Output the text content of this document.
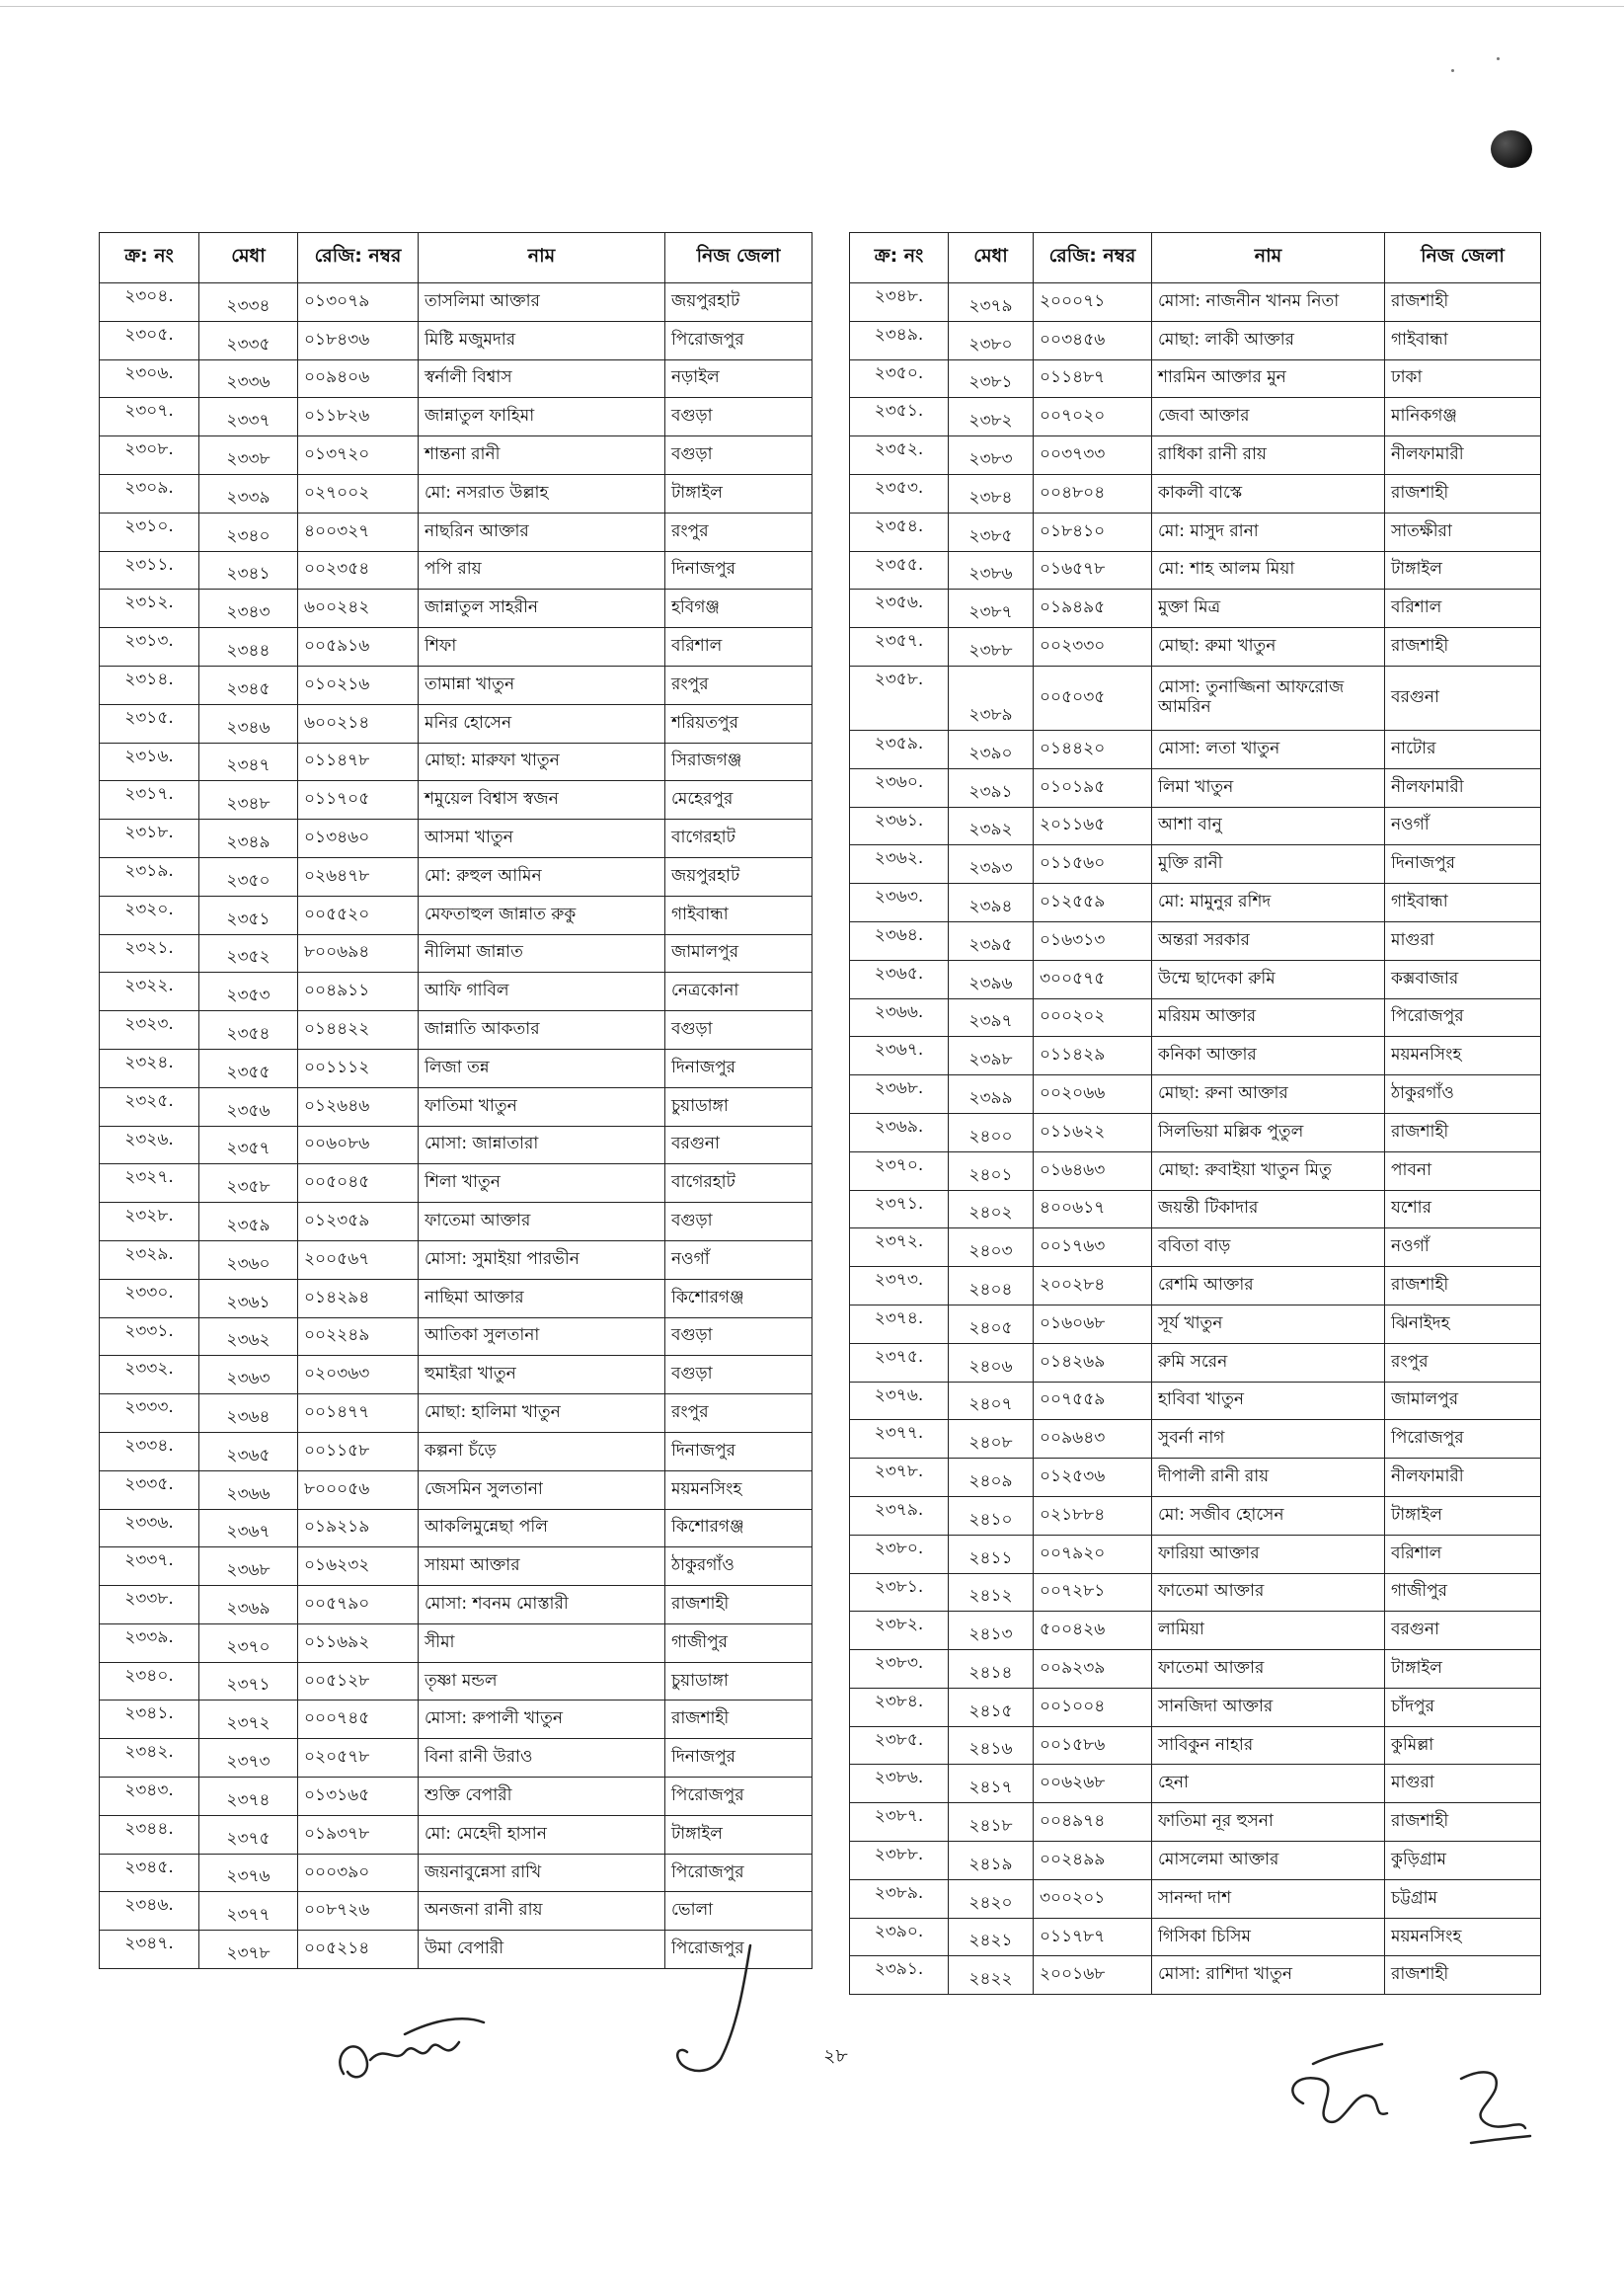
ক্র: নং	মেধা	রেজি: নম্বর	নাম	নিজ জেলা
২৩০৪.	২৩৩৪	০১৩০৭৯	তাসলিমা আক্তার	জয়পুরহাট
২৩০৫.	২৩৩৫	০১৮৪৩৬	মিষ্টি মজুমদার	পিরোজপুর
২৩০৬.	২৩৩৬	০০৯৪০৬	স্বর্নালী বিশ্বাস	নড়াইল
২৩০৭.	২৩৩৭	০১১৮২৬	জান্নাতুল ফাহিমা	বগুড়া
২৩০৮.	২৩৩৮	০১৩৭২০	শান্তনা রানী	বগুড়া
২৩০৯.	২৩৩৯	০২৭০০২	মো: নসরাত উল্লাহ	টাঙ্গাইল
২৩১০.	২৩৪০	৪০০৩২৭	নাছরিন আক্তার	রংপুর
২৩১১.	২৩৪১	০০২৩৫৪	পপি রায়	দিনাজপুর
২৩১২.	২৩৪৩	৬০০২৪২	জান্নাতুল সাহরীন	হবিগঞ্জ
২৩১৩.	২৩৪৪	০০৫৯১৬	শিফা	বরিশাল
২৩১৪.	২৩৪৫	০১০২১৬	তামান্না খাতুন	রংপুর
২৩১৫.	২৩৪৬	৬০০২১৪	মনির হোসেন	শরিয়তপুর
২৩১৬.	২৩৪৭	০১১৪৭৮	মোছা: মারুফা খাতুন	সিরাজগঞ্জ
২৩১৭.	২৩৪৮	০১১৭০৫	শমুয়েল বিশ্বাস স্বজন	মেহেরপুর
২৩১৮.	২৩৪৯	০১৩৪৬০	আসমা খাতুন	বাগেরহাট
২৩১৯.	২৩৫০	০২৬৪৭৮	মো: রুহুল আমিন	জয়পুরহাট
২৩২০.	২৩৫১	০০৫৫২০	মেফতাহুল জান্নাত রুকু	গাইবান্ধা
২৩২১.	২৩৫২	৮০০৬৯৪	নীলিমা জান্নাত	জামালপুর
২৩২২.	২৩৫৩	০০৪৯১১	আফি গাবিল	নেত্রকোনা
২৩২৩.	২৩৫৪	০১৪৪২২	জান্নাতি আকতার	বগুড়া
২৩২৪.	২৩৫৫	০০১১১২	লিজা তন্ন	দিনাজপুর
২৩২৫.	২৩৫৬	০১২৬৪৬	ফাতিমা খাতুন	চুয়াডাঙ্গা
২৩২৬.	২৩৫৭	০০৬০৮৬	মোসা: জান্নাতারা	বরগুনা
২৩২৭.	২৩৫৮	০০৫০৪৫	শিলা খাতুন	বাগেরহাট
২৩২৮.	২৩৫৯	০১২৩৫৯	ফাতেমা আক্তার	বগুড়া
২৩২৯.	২৩৬০	২০০৫৬৭	মোসা: সুমাইয়া পারভীন	নওগাঁ
২৩৩০.	২৩৬১	০১৪২৯৪	নাছিমা আক্তার	কিশোরগঞ্জ
২৩৩১.	২৩৬২	০০২২৪৯	আতিকা সুলতানা	বগুড়া
২৩৩২.	২৩৬৩	০২০৩৬৩	হুমাইরা খাতুন	বগুড়া
২৩৩৩.	২৩৬৪	০০১৪৭৭	মোছা: হালিমা খাতুন	রংপুর
২৩৩৪.	২৩৬৫	০০১১৫৮	কল্পনা চঁড়ে	দিনাজপুর
২৩৩৫.	২৩৬৬	৮০০০৫৬	জেসমিন সুলতানা	ময়মনসিংহ
২৩৩৬.	২৩৬৭	০১৯২১৯	আকলিমুন্নেছা পলি	কিশোরগঞ্জ
২৩৩৭.	২৩৬৮	০১৬২৩২	সায়মা আক্তার	ঠাকুরগাঁও
২৩৩৮.	২৩৬৯	০০৫৭৯০	মোসা: শবনম মোস্তারী	রাজশাহী
২৩৩৯.	২৩৭০	০১১৬৯২	সীমা	গাজীপুর
২৩৪০.	২৩৭১	০০৫১২৮	তৃষ্ণা মন্ডল	চুয়াডাঙ্গা
২৩৪১.	২৩৭২	০০০৭৪৫	মোসা: রুপালী খাতুন	রাজশাহী
২৩৪২.	২৩৭৩	০২০৫৭৮	বিনা রানী উরাও	দিনাজপুর
২৩৪৩.	২৩৭৪	০১৩১৬৫	শুক্তি বেপারী	পিরোজপুর
২৩৪৪.	২৩৭৫	০১৯৩৭৮	মো: মেহেদী হাসান	টাঙ্গাইল
২৩৪৫.	২৩৭৬	০০০৩৯০	জয়নাবুন্নেসা রাখি	পিরোজপুর
২৩৪৬.	২৩৭৭	০০৮৭২৬	অনজনা রানী রায়	ভোলা
২৩৪৭.	২৩৭৮	০০৫২১৪	উমা বেপারী	পিরোজপুর
ক্র: নং	মেধা	রেজি: নম্বর	নাম	নিজ জেলা
২৩৪৮.	২৩৭৯	২০০০৭১	মোসা: নাজনীন খানম নিতা	রাজশাহী
২৩৪৯.	২৩৮০	০০৩৪৫৬	মোছা: লাকী আক্তার	গাইবান্ধা
২৩৫০.	২৩৮১	০১১৪৮৭	শারমিন আক্তার মুন	ঢাকা
২৩৫১.	২৩৮২	০০৭০২০	জেবা আক্তার	মানিকগঞ্জ
২৩৫২.	২৩৮৩	০০৩৭৩৩	রাধিকা রানী রায়	নীলফামারী
২৩৫৩.	২৩৮৪	০০৪৮০৪	কাকলী বাস্কে	রাজশাহী
২৩৫৪.	২৩৮৫	০১৮৪১০	মো: মাসুদ রানা	সাতক্ষীরা
২৩৫৫.	২৩৮৬	০১৬৫৭৮	মো: শাহ আলম মিয়া	টাঙ্গাইল
২৩৫৬.	২৩৮৭	০১৯৪৯৫	মুক্তা মিত্র	বরিশাল
২৩৫৭.	২৩৮৮	০০২৩৩০	মোছা: রুমা খাতুন	রাজশাহী
২৩৫৮.	২৩৮৯	০০৫০৩৫	মোসা: তুনাজ্জিনা আফরোজ আমরিন	বরগুনা
২৩৫৯.	২৩৯০	০১৪৪২০	মোসা: লতা খাতুন	নাটোর
২৩৬০.	২৩৯১	০১০১৯৫	লিমা খাতুন	নীলফামারী
২৩৬১.	২৩৯২	২০১১৬৫	আশা বানু	নওগাঁ
২৩৬২.	২৩৯৩	০১১৫৬০	মুক্তি রানী	দিনাজপুর
২৩৬৩.	২৩৯৪	০১২৫৫৯	মো: মামুনুর রশিদ	গাইবান্ধা
২৩৬৪.	২৩৯৫	০১৬৩১৩	অন্তরা সরকার	মাগুরা
২৩৬৫.	২৩৯৬	৩০০৫৭৫	উম্মে ছাদেকা রুমি	কক্সবাজার
২৩৬৬.	২৩৯৭	০০০২০২	মরিয়ম আক্তার	পিরোজপুর
২৩৬৭.	২৩৯৮	০১১৪২৯	কনিকা আক্তার	ময়মনসিংহ
২৩৬৮.	২৩৯৯	০০২০৬৬	মোছা: রুনা আক্তার	ঠাকুরগাঁও
২৩৬৯.	২৪০০	০১১৬২২	সিলভিয়া মল্লিক পুতুল	রাজশাহী
২৩৭০.	২৪০১	০১৬৪৬৩	মোছা: রুবাইয়া খাতুন মিতু	পাবনা
২৩৭১.	২৪০২	৪০০৬১৭	জয়ন্তী টিকাদার	যশোর
২৩৭২.	২৪০৩	০০১৭৬৩	ববিতা বাড়	নওগাঁ
২৩৭৩.	২৪০৪	২০০২৮৪	রেশমি আক্তার	রাজশাহী
২৩৭৪.	২৪০৫	০১৬০৬৮	সূর্য খাতুন	ঝিনাইদহ
২৩৭৫.	২৪০৬	০১৪২৬৯	রুমি সরেন	রংপুর
২৩৭৬.	২৪০৭	০০৭৫৫৯	হাবিবা খাতুন	জামালপুর
২৩৭৭.	২৪০৮	০০৯৬৪৩	সুবর্না নাগ	পিরোজপুর
২৩৭৮.	২৪০৯	০১২৫৩৬	দীপালী রানী রায়	নীলফামারী
২৩৭৯.	২৪১০	০২১৮৮৪	মো: সজীব হোসেন	টাঙ্গাইল
২৩৮০.	২৪১১	০০৭৯২০	ফারিয়া আক্তার	বরিশাল
২৩৮১.	২৪১২	০০৭২৮১	ফাতেমা আক্তার	গাজীপুর
২৩৮২.	২৪১৩	৫০০৪২৬	লামিয়া	বরগুনা
২৩৮৩.	২৪১৪	০০৯২৩৯	ফাতেমা আক্তার	টাঙ্গাইল
২৩৮৪.	২৪১৫	০০১০০৪	সানজিদা আক্তার	চাঁদপুর
২৩৮৫.	২৪১৬	০০১৫৮৬	সাবিকুন নাহার	কুমিল্লা
২৩৮৬.	২৪১৭	০০৬২৬৮	হেনা	মাগুরা
২৩৮৭.	২৪১৮	০০৪৯৭৪	ফাতিমা নূর হুসনা	রাজশাহী
২৩৮৮.	২৪১৯	০০২৪৯৯	মোসলেমা আক্তার	কুড়িগ্রাম
২৩৮৯.	২৪২০	৩০০২০১	সানন্দা দাশ	চট্টগ্রাম
২৩৯০.	২৪২১	০১১৭৮৭	গিসিকা চিসিম	ময়মনসিংহ
২৩৯১.	২৪২২	২০০১৬৮	মোসা: রাশিদা খাতুন	রাজশাহী
২৮
